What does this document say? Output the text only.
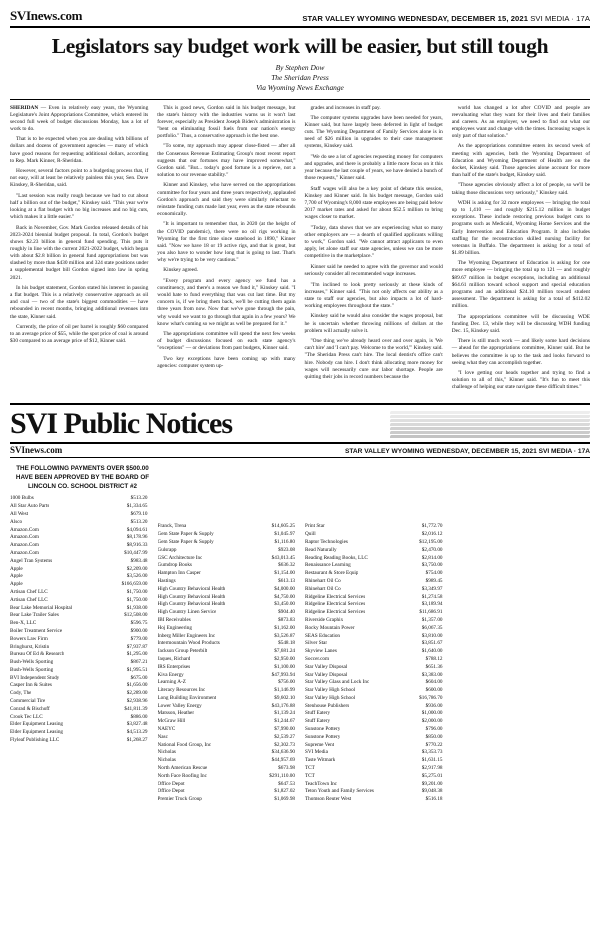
SVInews.com	STAR VALLEY WYOMING WEDNESDAY, DECEMBER 15, 2021 SVI MEDIA · 17A
Legislators say budget work will be easier, but still tough
By Stephen Dow
The Sheridan Press
Via Wyoming News Exchange

SHERIDAN — Even in relatively easy years, the Wyoming Legislature's Joint Appropriations Committee, which entered its second full week of budget discussions Monday, has a lot of work to do.

That is to be expected when you are dealing with billions of dollars and dozens of government agencies — many of which have good reasons for requesting additional dollars, according to Rep. Mark Kinner, R-Sheridan.

However, several factors point to a budgeting process that, if not easy, will at least be relatively painless this year, Sen. Dave Kinskey, R-Sheridan, said.

"Last session was really rough because we had to cut about half a billion out of the budget," Kinskey said. "This year we're looking at a flat budget with no big increases and no big cuts, which makes it a little easier."

Back in November, Gov. Mark Gordon released details of his 2023-2024 biennial budget proposal. In total, Gordon's budget shows $2.23 billion in general fund spending. This puts it roughly in line with the current 2021-2022 budget, which began with about $2.8 billion in general fund appropriations but was slashed by more than $430 million and 324 state positions under a supplemental budget bill Gordon signed into law in spring 2021.

In his budget statement, Gordon stated his interest in passing a flat budget. This is a relatively conservative approach as oil and coal — two of the state's biggest commodities — have rebounded in recent months, bringing additional revenues into the state, Kinner said.

Currently, the price of oil per barrel is roughly $60 compared to an average price of $55, while the spot price of coal is around $30 compared to an average price of $12, Kinner said.

This is good news, Gordon said in his budget message, but the state's history with the industries warns us it won't last forever, especially as President Joseph Biden's administration is "bent on eliminating fossil fuels from our nation's energy portfolio." Thus, a conservative approach is the best one.

"To some, my approach may appear close-fisted — after all the Consensus Revenue Estimating Group's most recent report suggests that our fortunes may have improved somewhat," Gordon said. "But... today's good fortune is a reprieve, not a solution to our revenue stability."

Kinner and Kinskey, who have served on the appropriations committee for four years and three years respectively, applauded Gordon's approach and said they were similarly reluctant to reinstate funding cuts made last year, even as the state rebounds economically.

"It is important to remember that, in 2020 (at the height of the COVID pandemic), there were no oil rigs working in Wyoming for the first time since statehood in 1890," Kinner said. "Now we have 18 or 19 active rigs, and that is great, but you also have to wonder how long that is going to last. That's why we're trying to be very cautious."

Kinskey agreed.

"Every program and every agency we fund has a constituency, and there's a reason we fund it," Kinskey said. "I would hate to fund everything that was cut last time. But my concern is, if we bring them back, we'll be cutting them again three years from now. Now that we've gone through the pain, why would we want to go through that again in a few years? We know what's coming so we might as well be prepared for it."

The appropriations committee will spend the next few weeks of budget discussions focused on each state agency's "exceptions" — or deviations from past budgets, Kinner said.

Two key exceptions have been coming up with many agencies: computer system up-

grades and increases in staff pay.

The computer systems upgrades have been needed for years, Kinner said, but have largely been deferred in light of budget cuts. The Wyoming Department of Family Services alone is in need of $26 million in upgrades to their case management systems, Kinskey said.

"We do see a lot of agencies requesting money for computers and upgrades, and there is probably a little more focus on it this year because the last couple of years, we have denied a bunch of those requests," Kinner said.

Staff wages will also be a key point of debate this session, Kinskey and Kinner said. In his budget message, Gordon said 7,700 of Wyoming's 8,000 state employees are being paid below 2017 market rates and asked for about $52.5 million to bring wages closer to market.

"Today, data shows that we are experiencing what so many other employers are — a dearth of qualified applicants willing to work," Gordon said. "We cannot attract applicants to even apply, let alone staff our state agencies, unless we can be more competitive in the marketplace."

Kinner said he needed to agree with the governor and would seriously consider all recommended wage increases.

"I'm inclined to look pretty seriously at these kinds of increases," Kinner said. "This not only affects our ability as a state to staff our agencies, but also impacts a lot of hard-working employees throughout the state."

Kinskey said he would also consider the wages proposal, but he is uncertain whether throwing millions of dollars at the problem will actually solve it.

"One thing we've already heard over and over again, is 'We can't hire' and 'I can't pay. Welcome to the world,'" Kinskey said. "The Sheridan Press can't hire. The local dentist's office can't hire. Nobody can hire. I don't think allocating more money for wages will necessarily cure our labor shortage. People are quitting their jobs in record numbers because the

world has changed a lot after COVID and people are reevaluating what they want for their lives and their families and careers. As an employer, we need to find out what our employees want and change with the times. Increasing wages is only part of that solution."

As the appropriations committee enters its second week of meeting with agencies, both the Wyoming Department of Education and Wyoming Department of Health are on the docket, Kinskey said. Those agencies alone account for more than half of the state's budget, Kinskey said.

"Those agencies obviously affect a lot of people, so we'll be taking those discussions very seriously," Kinskey said.

WDH is asking for 32 more employees — bringing the total up to 1,410 — and roughly $215.12 million in budget exceptions. These include restoring previous budget cuts to programs such as Medicaid, Wyoming Home Services and the Early Intervention and Education Program. It also includes staffing for the reconstruction skilled nursing facility for veterans in Buffalo. The department is asking for a total of $1.89 billion.

The Wyoming Department of Education is asking for one more employee — bringing the total up to 121 — and roughly $89.67 million in budget exceptions, including an additional $64.61 million toward school support and special education programs and an additional $24.10 million toward student assessment. The department is asking for a total of $412.02 million.

The appropriations committee will be discussing WDE funding Dec. 13, while they will be discussing WDH funding Dec. 15, Kinskey said.

There is still much work — and likely some hard decisions — ahead for the appropriations committee, Kinner said. But he believes the committee is up to the task and looks forward to seeing what they can accomplish together.

"I love getting our heads together and trying to find a solution to all of this," Kinner said. "It's fun to meet this challenge of helping our state navigate these difficult times."

SVI Public Notices
SVInews.com	STAR VALLEY WYOMING WEDNESDAY, DECEMBER 15, 2021 SVI MEDIA · 17A
THE FOLLOWING PAYMENTS OVER $500.00 HAVE BEEN APPROVED BY THE BOARD OF LINCOLN CO. SCHOOL DISTRICT #2
1000 Bulbs	$513.20
All Star Auto Parts	$1,334.65
All West	$679.10
Alsco	$513.20
Amazon.Com	$4,094.61
Amazon.Com	$8,178.96
Amazon.Com	$8,916.33
Amazon.Com	$10,447.99
Angel Tran Systems	$983.48
Apple	$2,209.00
Apple	$3,526.00
Apple	$166,659.00
Artisan Chef LLC	$1,750.00
Artisan Chef LLC	$1,750.00
Bear Lake Memorial Hospital	$1,938.00
Bear Lake Trailer Sales	$12,508.00
Ben-X, LLC	$596.75
Boiler Treatment Service	$900.00
Bowers Law Firm	$779.00
Bringhurst, Kristin	$7,937.87
Bureau Of Ed & Research	$1,295.00
Bush-Wells Sporting	$867.21
Bush-Wells Sporting	$1,995.51
BVI Independent Study	$675.00
Casper Inn & Suites	$1,656.00
Cody, The	$2,289.00
Commercial Tire	$2,938.96
Conrad & Bischoff	$41,811.39
Crook Tec LLC	$886.00
Elder Equipment Leasing	$3,827.48
Elder Equipment Leasing	$4,513.29
Flyleaf Publishing LLC	$1,268.27
Franck, Trena	$14,605.25
Gem State Paper & Supply	$1,045.97
Gem State Paper & Supply	$1,116.80
Gulsrapp	$923.08
GSC Architecture Inc	$43,013.45
Gumdrop Books	$636.32
Hampton Inn Casper	$1,154.00
Hastings	$613.13
High Country Behavioral Health	$4,000.00
High Country Behavioral Health	$4,750.00
High Country Behavioral Health	$3,450.00
High Country Linen Service	$904.40
IBI Receivables	$873.83
Hoj Engineering	$1,162.00
Inberg Miller Engineers Inc	$3,526.87
Intermountain Wood Products	$548.18
Jackson Group Peterbilt	$7,681.24
Jaques, Richard	$2,950.00
IRS Enterprises	$1,100.00
Kiva Energy	$47,993.94
Learning A-Z	$756.00
Literacy Resources Inc	$1,146.99
Long Building Environment	$9,602.10
Lower Valley Energy	$43,176.88
Matsson, Heather	$1,139.24
McGraw Hill	$1,244.67
NAEYC	$7,990.00
Nasc	$2,539.27
National Food Group, Inc	$2,302.73
Nicholas	$34,636.90
Nicholas	$44,957.69
North American Rescue	$673.98
North Face Roofing Inc	$291,110.00
Office Depot	$647.53
Office Depot	$1,827.02
Premier Truck Group	$1,069.98
Print Star	$1,772.70
Quill	$2,016.12
Raptor Technologies	$12,195.00
Read Naturally	$2,470.00
Reading Reading Books, LLC	$2,814.00
Renaissance Learning	$3,750.00
Restaurant & Store Equip	$754.00
Rhinehart Oil Co	$989.45
Rhinehart Oil Co	$3,349.97
Ridgeline Electrical Services	$1,274.58
Ridgeline Electrical Services	$3,189.94
Ridgeline Electrical Services	$11,686.91
Riverside Graphix	$1,357.00
Rocky Mountain Power	$6,067.35
SEAS Education	$3,810.00
Silver Star	$3,851.67
Skyview Lanes	$1,640.00
Soccer.com	$788.12
Star Valley Disposal	$651.36
Star Valley Disposal	$3,383.00
Star Valley Glass and Lock Inc	$604.00
Star Valley High School	$600.00
Star Valley High School	$16,786.70
Stenhouse Publishers	$936.00
Stuff Eatery	$1,000.00
Stuff Eatery	$2,000.00
Sunstone Pottery	$796.00
Sunstone Pottery	$850.00
Supreme Vent	$770.22
SVI Media	$3,353.73
Taste Witmark	$1,631.15
TCT	$2,917.98
TCT	$5,275.01
TeachTown Inc	$9,201.00
Teton Youth and Family Services	$9,048.38
Thomson Reuter West	$516.18
